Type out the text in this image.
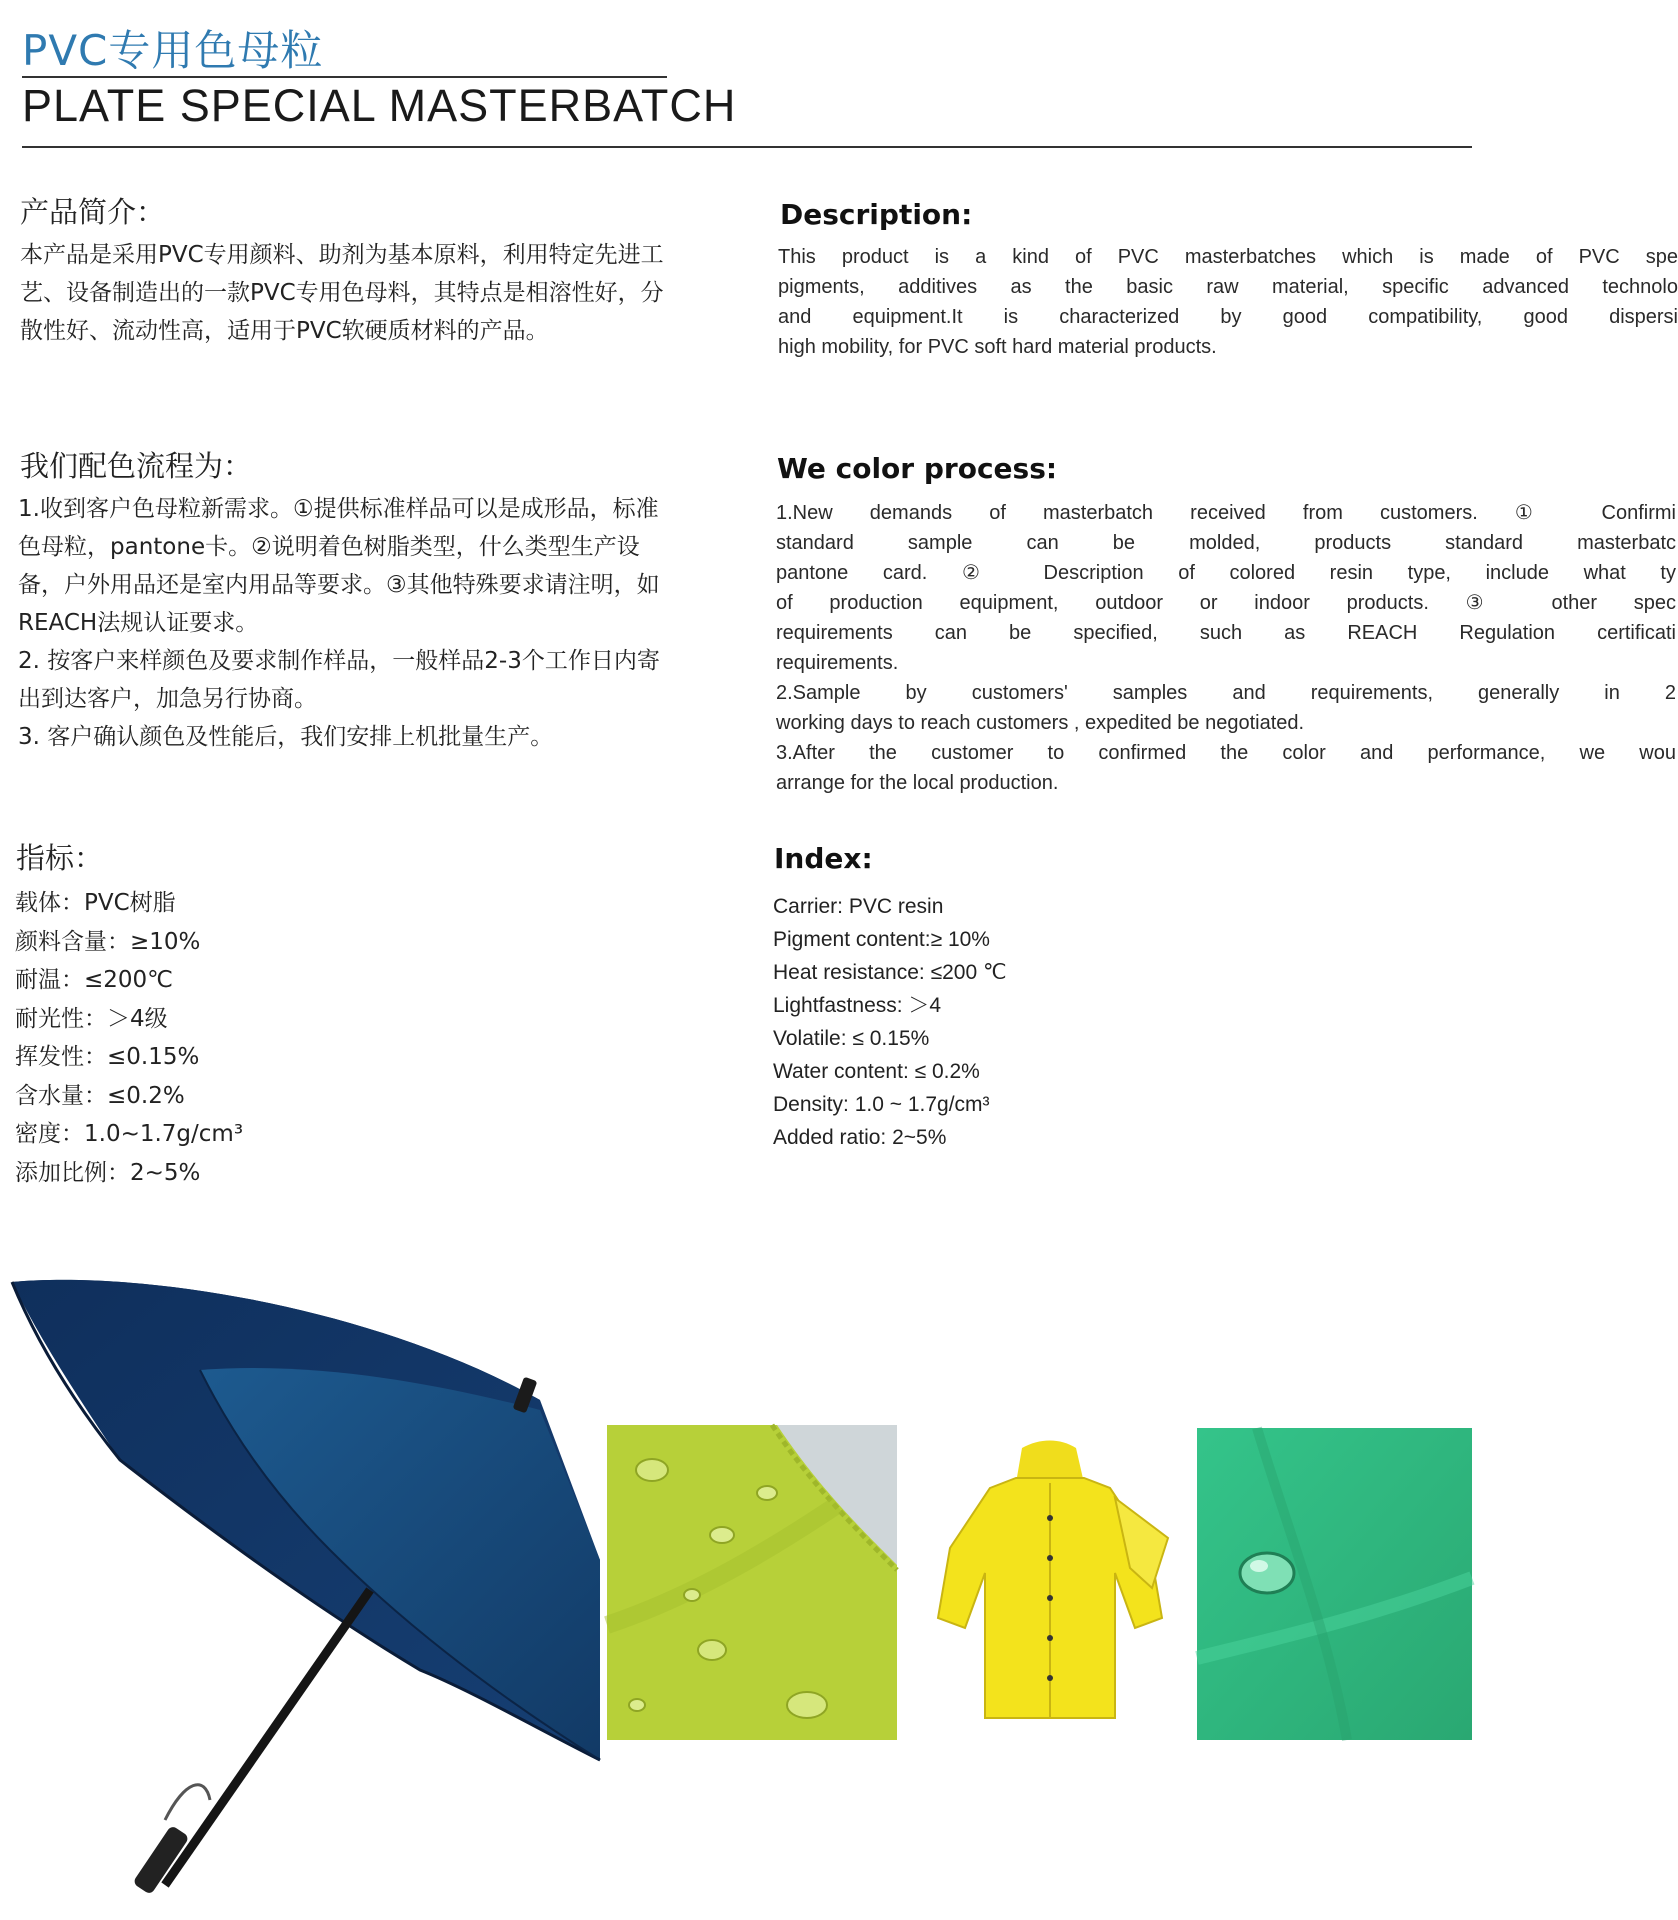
PVC专用色母粒
PLATE SPECIAL MASTERBATCH
产品简介：
本产品是采用PVC专用颜料、助剂为基本原料，利用特定先进工
艺、设备制造出的一款PVC专用色母料，其特点是相溶性好，分
散性好、流动性高，适用于PVC软硬质材料的产品。
Description:
This product is a kind of PVC masterbatches which is made of PVC spe
pigments, additives as the basic raw material, specific advanced technolo
and equipment.It is characterized by good compatibility, good dispersi
high mobility, for PVC soft hard material products.
我们配色流程为：
1.收到客户色母粒新需求。①提供标准样品可以是成形品，标准
色母粒，pantone卡。②说明着色树脂类型，什么类型生产设
备，户外用品还是室内用品等要求。③其他特殊要求请注明，如
REACH法规认证要求。
2. 按客户来样颜色及要求制作样品，一般样品2-3个工作日内寄
出到达客户，加急另行协商。
3. 客户确认颜色及性能后，我们安排上机批量生产。
We color process:
1.New demands of masterbatch received from customers. ① Confirmi
standard sample can be molded, products standard masterbatc
pantone card. ② Description of colored resin type, include what ty
of production equipment, outdoor or indoor products. ③ other spec
requirements can be specified, such as REACH Regulation certificati
requirements.
2.Sample by customers' samples and requirements, generally in 2
working days to reach customers , expedited be negotiated.
3.After the customer to confirmed the color and performance, we wou
arrange for the local production.
指标：
载体：PVC树脂
颜料含量：≥10%
耐温：≤200℃
耐光性：＞4级
挥发性：≤0.15%
含水量：≤0.2%
密度：1.0~1.7g/cm³
添加比例：2~5%
Index:
Carrier: PVC resin
Pigment content:≥ 10%
Heat resistance: ≤200 ℃
Lightfastness: ＞4
Volatile: ≤ 0.15%
Water content: ≤ 0.2%
Density: 1.0 ~ 1.7g/cm³
Added ratio: 2~5%
